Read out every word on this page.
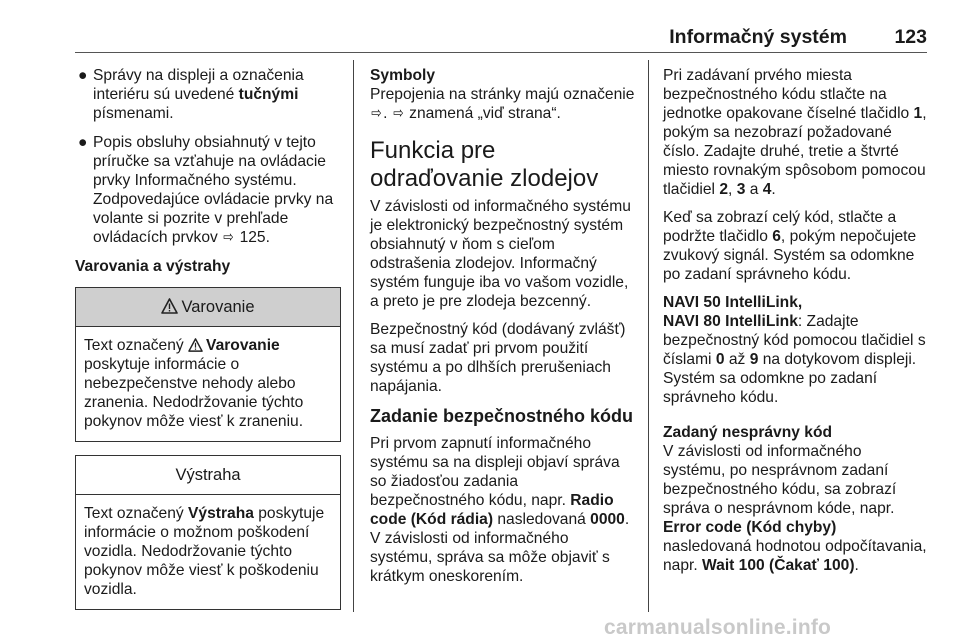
Informačný systém 123
● Správy na displeji a označenia interiéru sú uvedené tučnými písmenami.
● Popis obsluhy obsiahnutý v tejto príručke sa vzťahuje na ovládacie prvky Informačného systému. Zodpovedajúce ovládacie prvky na volante si pozrite v prehľade ovládacích prvkov ⇨ 125.
Varovania a výstrahy
Varovanie
Text označený Varovanie poskytuje informácie o nebezpečenstve nehody alebo zranenia. Nedodržovanie týchto pokynov môže viesť k zraneniu.
Výstraha
Text označený Výstraha poskytuje informácie o možnom poškodení vozidla. Nedodržovanie týchto pokynov môže viesť k poškodeniu vozidla.
Symboly
Prepojenia na stránky majú označenie⇨. ⇨ znamená „viď strana“.
Funkcia pre odraďovanie zlodejov
V závislosti od informačného systému je elektronický bezpečnostný systém obsiahnutý v ňom s cieľom odstrašenia zlodejov. Informačný systém funguje iba vo vašom vozidle, a preto je pre zlodeja bezcenný.
Bezpečnostný kód (dodávaný zvlášť) sa musí zadať pri prvom použití systému a po dlhších prerušeniach napájania.
Zadanie bezpečnostného kódu
Pri prvom zapnutí informačného systému sa na displeji objaví správa so žiadosťou zadania bezpečnostného kódu, napr. Radio code (Kód rádia) nasledovaná 0000. V závislosti od informačného systému, správa sa môže objaviť s krátkym oneskorením.
Pri zadávaní prvého miesta bezpečnostného kódu stlačte na jednotke opakovane číselné tlačidlo 1, pokým sa nezobrazí požadované číslo. Zadajte druhé, tretie a štvrté miesto rovnakým spôsobom pomocou tlačidiel 2, 3 a 4.
Keď sa zobrazí celý kód, stlačte a podržte tlačidlo 6, pokým nepočujete zvukový signál. Systém sa odomkne po zadaní správneho kódu.
NAVI 50 IntelliLink,
NAVI 80 IntelliLink: Zadajte bezpečnostný kód pomocou tlačidiel s číslami 0 až 9 na dotykovom displeji. Systém sa odomkne po zadaní správneho kódu.
Zadaný nesprávny kód
V závislosti od informačného systému, po nesprávnom zadaní bezpečnostného kódu, sa zobrazí správa o nesprávnom kóde, napr. Error code (Kód chyby) nasledovaná hodnotou odpočítavania, napr. Wait 100 (Čakať 100).
carmanualsonline.info
